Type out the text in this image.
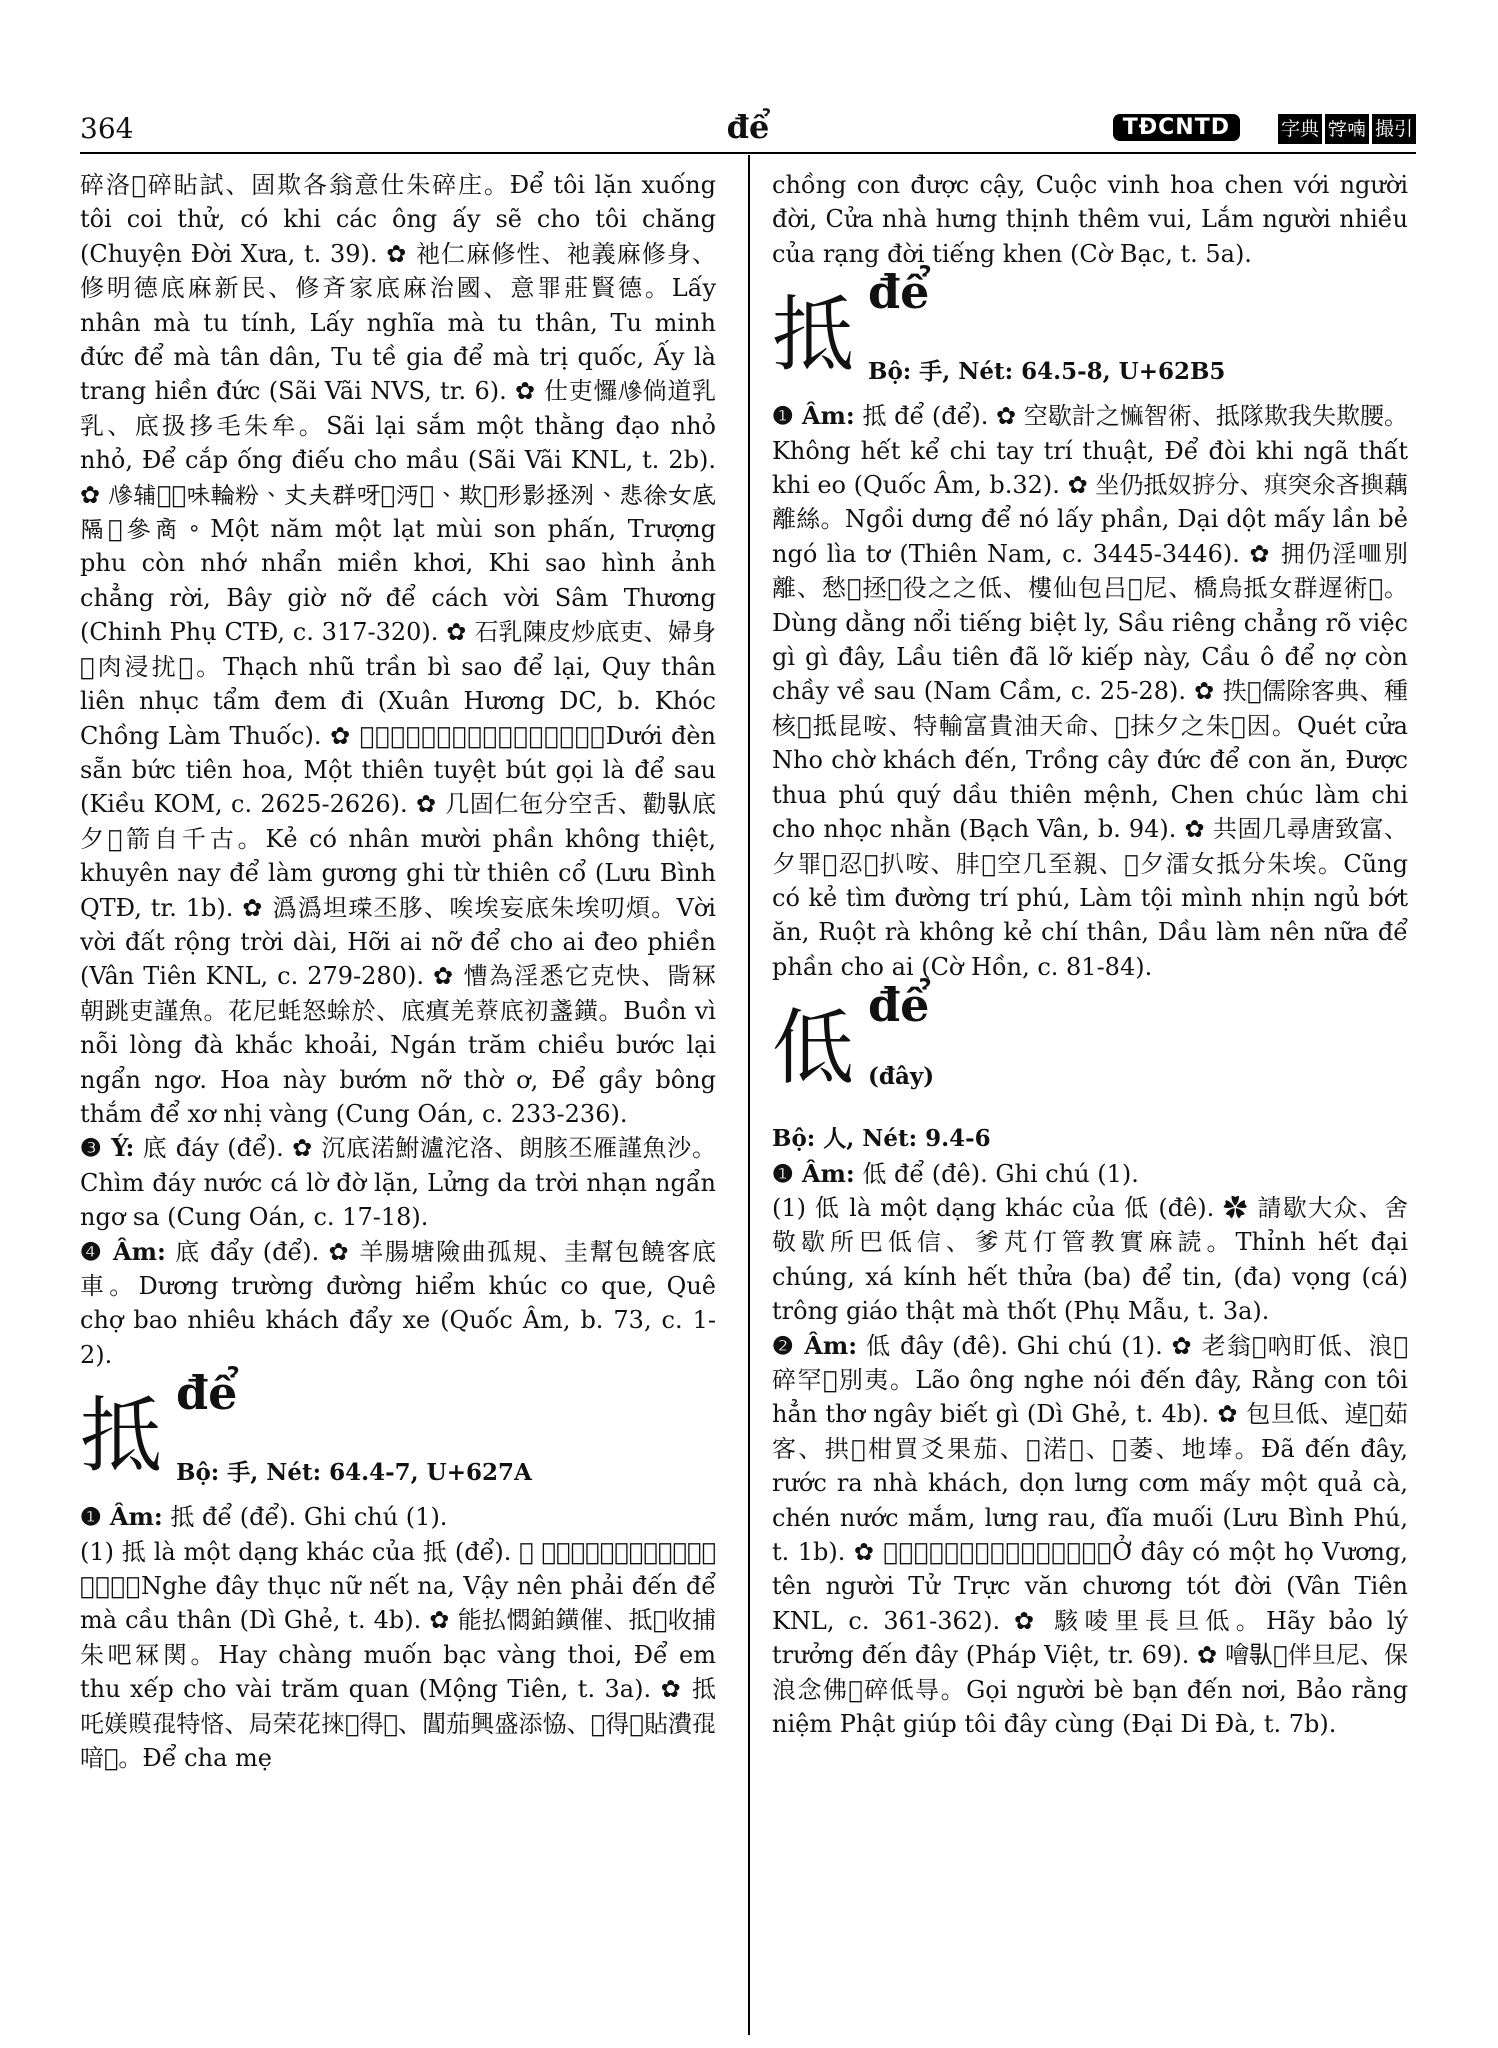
364	để	TĐCNTD	字典 𡨸喃 撮引

碎洛𣵲碎䀡試、固欺各翁意仕朱碎庄。Để tôi lặn xuống tôi coi thử, có khi các ông ấy sẽ cho tôi chăng (Chuyện Đời Xưa, t. 39). ✿ 祂仁麻修性、祂義麻修身、修明德底麻新民、修斉家底麻治國、意罪莊賢德。Lấy nhân mà tu tính, Lấy nghĩa mà tu thân, Tu minh đức để mà tân dân, Tu tề gia để mà trị quốc, Ấy là trang hiền đức (Sãi Vãi NVS, tr. 6). ✿ 仕吏㦬𠔭倘道乳乳、底扱拸毛朱牟。Sãi lại sắm một thằng đạo nhỏ nhỏ, Để cắp ống điếu cho mầu (Sãi Vãi KNL, t. 2b). ✿ 𠔭辅𠃣𤃠味輪粉、丈夫群呀𥋳沔㵢、欺𩈘形影拯洌、悲徐女底隔𤅶參商。Một năm một lạt mùi son phấn, Trượng phu còn nhớ nhẩn miền khơi, Khi sao hình ảnh chẳng rời, Bây giờ nỡ để cách vời Sâm Thương (Chinh Phụ CTĐ, c. 317-320). ✿ 石乳陳皮炒底吏、婦身𨕭肉浸扰𢬣。Thạch nhũ trần bì sao để lại, Quy thân liên nhục tẩm đem đi (Xuân Hương DC, b. Khóc Chồng Làm Thuốc). ✿ 𤍶畑產幅箋花、㳥篇絶筆噲畀底𢀭。Dưới đèn sẵn bức tiên hoa, Một thiên tuyệt bút gọi là để sau (Kiều KOM, c. 2625-2626). ✿ 几固仁㐌分空舌、勸𠊛底夕𥎁箭自千古。Kẻ có nhân mười phần không thiệt, khuyên nay để làm gương ghi từ thiên cổ (Lưu Bình QTĐ, tr. 1b). ✿ 潙潙坦𪛞丕䏧、唉埃妄底朱埃叨煩。Vời vời đất rộng trời dài, Hỡi ai nỡ để cho ai đeo phiền (Vân Tiên KNL, c. 279-280). ✿ 慒為淫悉它克快、㖰冧朝跳吏謹魚。花尼蚝怒蜍於、底瘨羌𦼔底初盞鐄。Buồn vì nỗi lòng đà khắc khoải, Ngán trăm chiều bước lại ngẩn ngơ. Hoa này bướm nỡ thờ ơ, Để gầy bông thắm để xơ nhị vàng (Cung Oán, c. 233-236).

❸ Ý: 底 đáy (để). ✿ 沉底渃鮒瀘沱洛、朗胲丕雁謹魚沙。Chìm đáy nước cá lờ đờ lặn, Lửng da trời nhạn ngẩn ngơ sa (Cung Oán, c. 17-18).

❹ Âm: 底 đẩy (để). ✿ 羊腸塘險曲孤規、圭幫包饒客底車。Dương trường đường hiểm khúc co que, Quê chợ bao nhiêu khách đẩy xe (Quốc Âm, b. 73, c. 1-2).

抵 để
Bộ: 手, Nét: 64.4-7, U+627A

❶ Âm: 抵 để (để). Ghi chú (1).

(1) 抵 là một dạng khác của 抵 (để). ✿ 𥋳低淑女湼那、丕𠊝沛盯抵𢪀求親。Nghe đây thục nữ nết na, Vậy nên phải đến để mà cầu thân (Dì Ghẻ, t. 4b). ✿ 能払㦖鉑鐄催、抵𢬭收捕朱吧冧関。Hay chàng muốn bạc vàng thoi, Để em thu xếp cho vài trăm quan (Mộng Tiên, t. 3a). ✿ 抵吒媄𧷸𡥵特悋、局荣花𢯦𡗶得𠃩、閶茄興盛添恊、𠊛得𢪀貼㵒𡥵喑𠳨。Để cha mẹ

chồng con được cậy, Cuộc vinh hoa chen với người đời, Cửa nhà hưng thịnh thêm vui, Lắm người nhiều của rạng đời tiếng khen (Cờ Bạc, t. 5a).

抵 để
Bộ: 手, Nét: 64.5-8, U+62B5

❶ Âm: 抵 để (để). ✿ 空歇計之𢠩智術、抵隊欺我失欺腰。Không hết kể chi tay trí thuật, Để đòi khi ngã thất khi eo (Quốc Âm, b.32). ✿ 坐仍抵奴𢭸分、𤷍突氽吝𢷣藕離絲。Ngồi dưng để nó lấy phần, Dại dột mấy lần bẻ ngó lìa tơ (Thiên Nam, c. 3445-3446). ✿ 拥仍淫𠰘別離、愁𥿗拯𤉕役之之低、樓仙包吕𠛌尼、橋烏抵女群遅術𢀭。Dùng dằng nổi tiếng biệt ly, Sầu riêng chẳng rõ việc gì gì đây, Lầu tiên đã lỡ kiếp này, Cầu ô để nợ còn chầy về sau (Nam Cầm, c. 25-28). ✿ 抶𨷯儒除客典、種核𢀭抵昆咹、特輸富貴油天命、𢭸抹夕之朱𠢟因。Quét cửa Nho chờ khách đến, Trồng cây đức để con ăn, Được thua phú quý dầu thiên mệnh, Chen chúc làm chi cho nhọc nhằn (Bạch Vân, b. 94). ✿ 共固几尋唐致富、夕罪𨉓忍𥄭扒咹、肨𦝄空几至親、𠱋夕㵢女抵分朱埃。Cũng có kẻ tìm đường trí phú, Làm tội mình nhịn ngủ bớt ăn, Ruột rà không kẻ chí thân, Dầu làm nên nữa để phần cho ai (Cờ Hồn, c. 81-84).

低 để
(đây)

Bộ: 人, Nét: 9.4-6

❶ Âm: 低 để (đê). Ghi chú (1).

(1) 低 là một dạng khác của 低 (đê). ✿ 請歇大众、舍敬歇所巴低信、爹芃仃管教實麻読。Thỉnh hết đại chúng, xá kính hết thửa (ba) để tin, (đa) vọng (cá) trông giáo thật mà thốt (Phụ Mẫu, t. 3a).

❷ Âm: 低 đây (đê). Ghi chú (1). ✿ 老翁𥋳吶盯低、浪𡥵碎罕𥱬別夷。Lão ông nghe nói đến đây, Rằng con tôi hẳn thơ ngây biết gì (Dì Ghẻ, t. 4b). ✿ 包旦低、逴𣘃茹客、拱𥹰柑買爻果茄、𢻣渃𩵜、𦛌萎、地埲。Đã đến đây, rước ra nhà khách, dọn lưng cơm mấy một quả cà, chén nước mắm, lưng rau, đĩa muối (Lưu Bình Phú, t. 1b). ✿ 𡗶低𠊚𠬠王、𥹰㚢子直文章𢮿𢶿。Ở đây có một họ Vương, tên người Tử Trực văn chương tót đời (Vân Tiên KNL, c. 361-362). ✿ 駭㖫里長旦低。Hãy bảo lý trưởng đến đây (Pháp Việt, tr. 69). ✿ 噲𠊛𥐇伴旦尼、保浪念佛𠢞碎低㝵。Gọi người bè bạn đến nơi, Bảo rằng niệm Phật giúp tôi đây cùng (Đại Di Đà, t. 7b).
